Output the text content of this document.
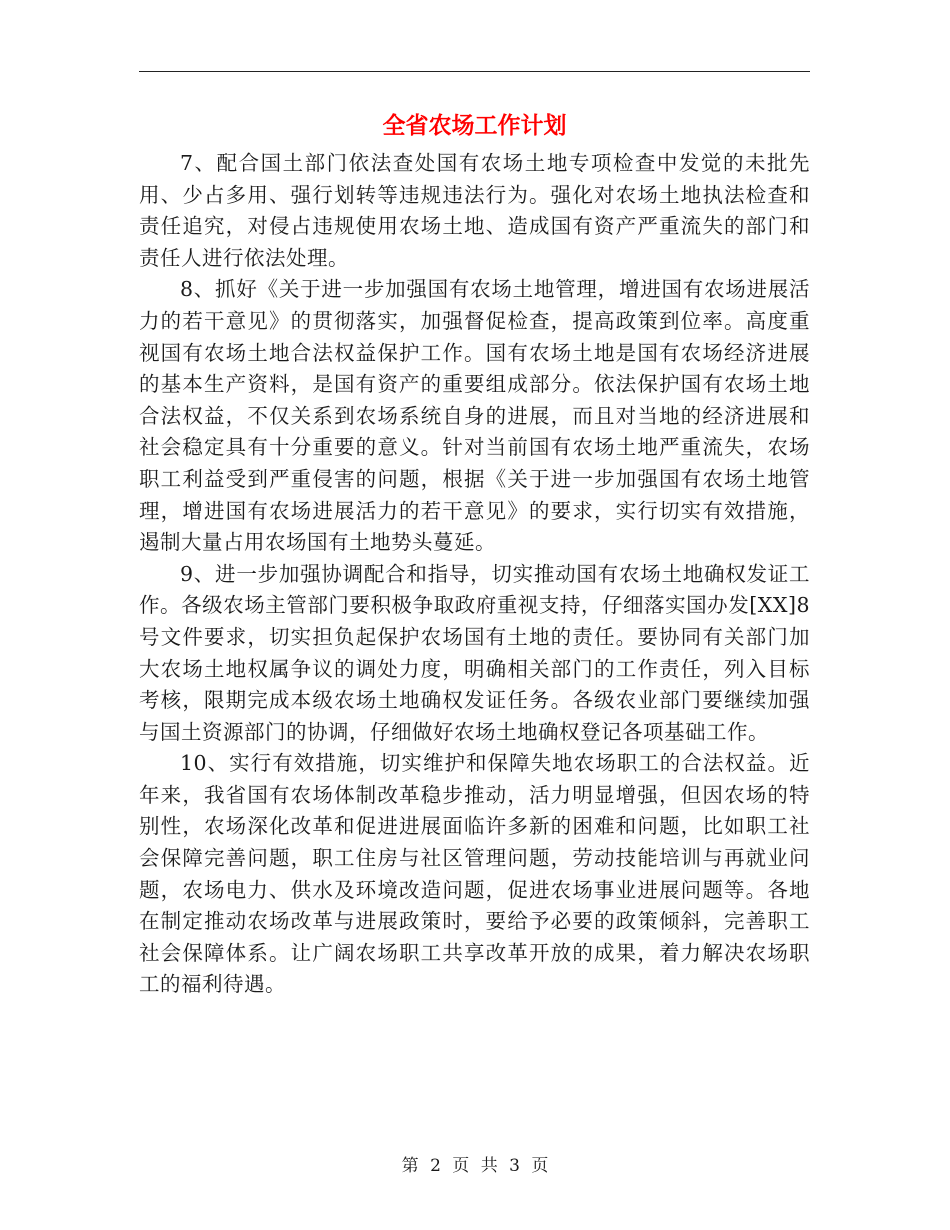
全省农场工作计划

7、配合国土部门依法查处国有农场土地专项检查中发觉的未批先用、少占多用、强行划转等违规违法行为。强化对农场土地执法检查和责任追究，对侵占违规使用农场土地、造成国有资产严重流失的部门和责任人进行依法处理。

8、抓好《关于进一步加强国有农场土地管理，增进国有农场进展活力的若干意见》的贯彻落实，加强督促检查，提高政策到位率。高度重视国有农场土地合法权益保护工作。国有农场土地是国有农场经济进展的基本生产资料，是国有资产的重要组成部分。依法保护国有农场土地合法权益，不仅关系到农场系统自身的进展，而且对当地的经济进展和社会稳定具有十分重要的意义。针对当前国有农场土地严重流失，农场职工利益受到严重侵害的问题，根据《关于进一步加强国有农场土地管理，增进国有农场进展活力的若干意见》的要求，实行切实有效措施，遏制大量占用农场国有土地势头蔓延。

9、进一步加强协调配合和指导，切实推动国有农场土地确权发证工作。各级农场主管部门要积极争取政府重视支持，仔细落实国办发[XX]8号文件要求，切实担负起保护农场国有土地的责任。要协同有关部门加大农场土地权属争议的调处力度，明确相关部门的工作责任，列入目标考核，限期完成本级农场土地确权发证任务。各级农业部门要继续加强与国土资源部门的协调，仔细做好农场土地确权登记各项基础工作。

10、实行有效措施，切实维护和保障失地农场职工的合法权益。近年来，我省国有农场体制改革稳步推动，活力明显增强，但因农场的特别性，农场深化改革和促进进展面临许多新的困难和问题，比如职工社会保障完善问题，职工住房与社区管理问题，劳动技能培训与再就业问题，农场电力、供水及环境改造问题，促进农场事业进展问题等。各地在制定推动农场改革与进展政策时，要给予必要的政策倾斜，完善职工社会保障体系。让广阔农场职工共享改革开放的成果，着力解决农场职工的福利待遇。

第 2 页 共 3 页
